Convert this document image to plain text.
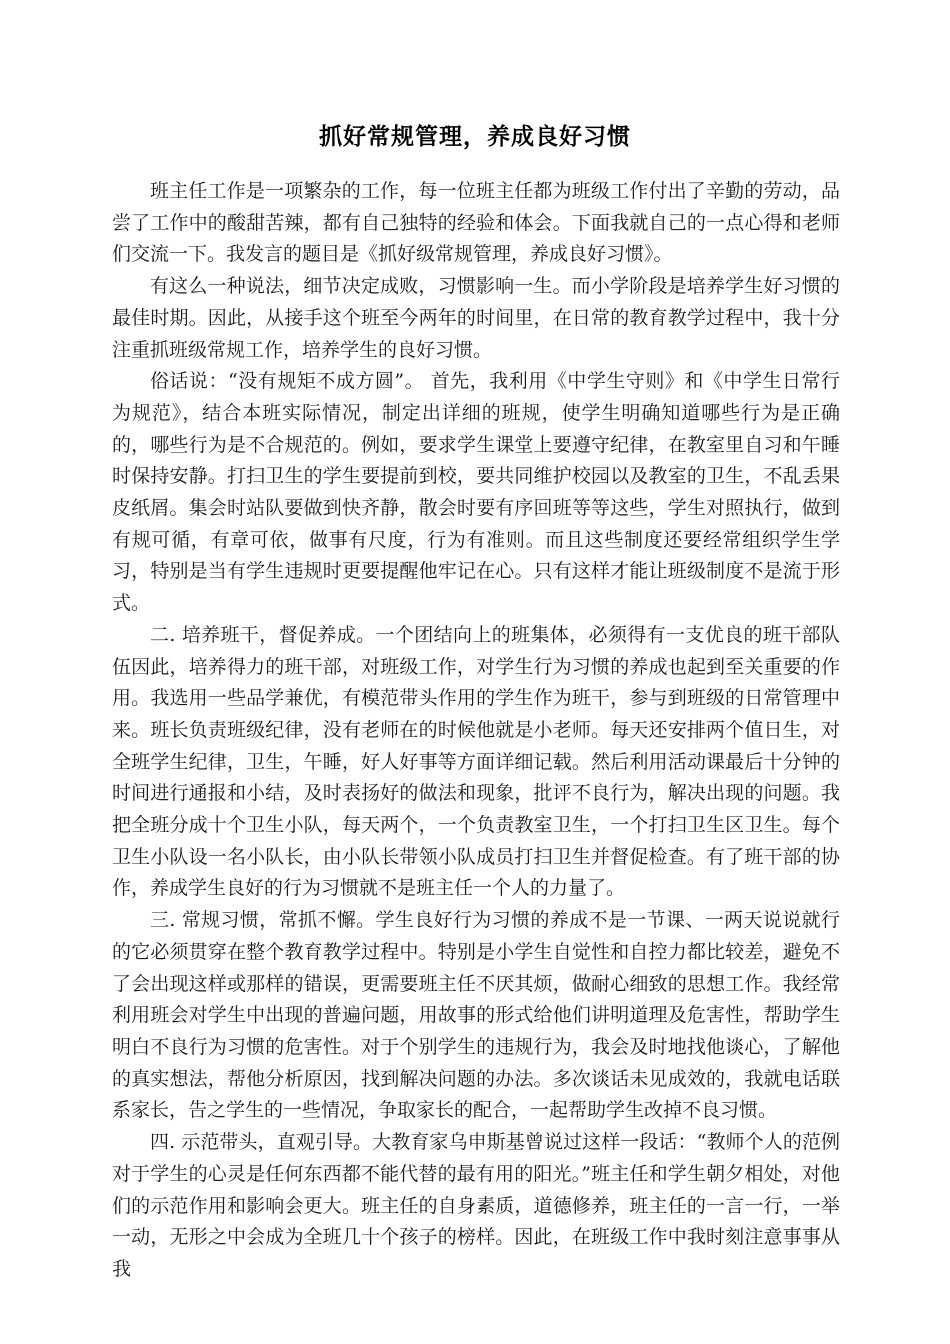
抓好常规管理，养成良好习惯

班主任工作是一项繁杂的工作，每一位班主任都为班级工作付出了辛勤的劳动，品尝了工作中的酸甜苦辣，都有自己独特的经验和体会。下面我就自己的一点心得和老师们交流一下。我发言的题目是《抓好级常规管理，养成良好习惯》。

有这么一种说法，细节决定成败，习惯影响一生。而小学阶段是培养学生好习惯的最佳时期。因此，从接手这个班至今两年的时间里，在日常的教育教学过程中，我十分注重抓班级常规工作，培养学生的良好习惯。

俗话说：“没有规矩不成方圆”。 首先，我利用《中学生守则》和《中学生日常行为规范》，结合本班实际情况，制定出详细的班规，使学生明确知道哪些行为是正确的，哪些行为是不合规范的。例如，要求学生课堂上要遵守纪律，在教室里自习和午睡时保持安静。打扫卫生的学生要提前到校，要共同维护校园以及教室的卫生，不乱丢果皮纸屑。集会时站队要做到快齐静，散会时要有序回班等等这些，学生对照执行，做到有规可循，有章可依，做事有尺度，行为有准则。而且这些制度还要经常组织学生学习，特别是当有学生违规时更要提醒他牢记在心。只有这样才能让班级制度不是流于形式。

二. 培养班干，督促养成。一个团结向上的班集体，必须得有一支优良的班干部队伍因此，培养得力的班干部，对班级工作，对学生行为习惯的养成也起到至关重要的作用。我选用一些品学兼优，有模范带头作用的学生作为班干，参与到班级的日常管理中来。班长负责班级纪律，没有老师在的时候他就是小老师。每天还安排两个值日生，对全班学生纪律，卫生，午睡，好人好事等方面详细记载。然后利用活动课最后十分钟的时间进行通报和小结，及时表扬好的做法和现象，批评不良行为，解决出现的问题。我把全班分成十个卫生小队，每天两个，一个负责教室卫生，一个打扫卫生区卫生。每个卫生小队设一名小队长，由小队长带领小队成员打扫卫生并督促检查。有了班干部的协作，养成学生良好的行为习惯就不是班主任一个人的力量了。

三. 常规习惯，常抓不懈。学生良好行为习惯的养成不是一节课、一两天说说就行的它必须贯穿在整个教育教学过程中。特别是小学生自觉性和自控力都比较差，避免不了会出现这样或那样的错误，更需要班主任不厌其烦，做耐心细致的思想工作。我经常利用班会对学生中出现的普遍问题，用故事的形式给他们讲明道理及危害性，帮助学生明白不良行为习惯的危害性。对于个别学生的违规行为，我会及时地找他谈心，了解他的真实想法，帮他分析原因，找到解决问题的办法。多次谈话未见成效的，我就电话联系家长，告之学生的一些情况，争取家长的配合，一起帮助学生改掉不良习惯。

四. 示范带头，直观引导。大教育家乌申斯基曾说过这样一段话：“教师个人的范例对于学生的心灵是任何东西都不能代替的最有用的阳光。”班主任和学生朝夕相处，对他们的示范作用和影响会更大。班主任的自身素质，道德修养，班主任的一言一行，一举一动，无形之中会成为全班几十个孩子的榜样。因此，在班级工作中我时刻注意事事从我
